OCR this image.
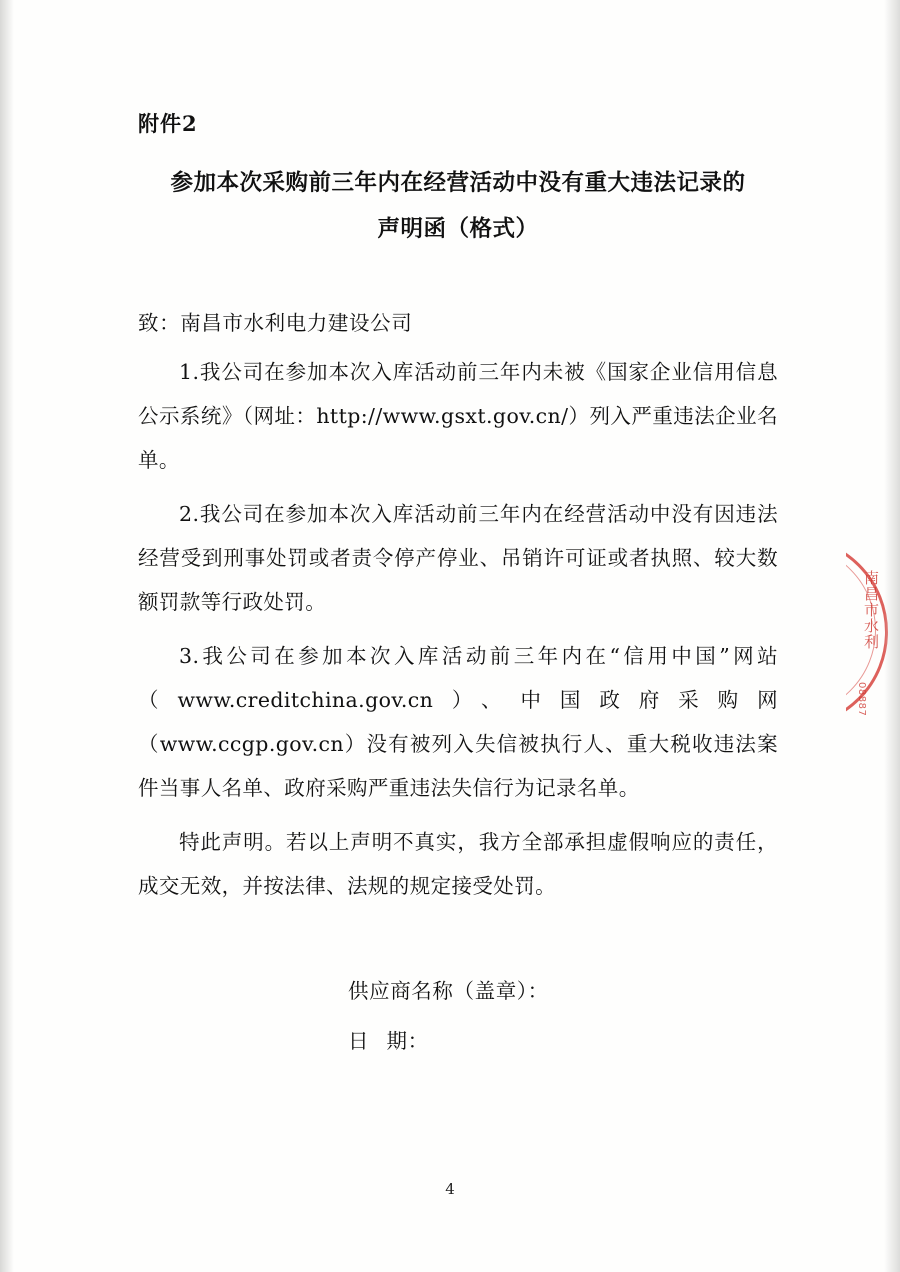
附件2
参加本次采购前三年内在经营活动中没有重大违法记录的
声明函（格式）
致：南昌市水利电力建设公司

1.我公司在参加本次入库活动前三年内未被《国家企业信用信息公示系统》（网址：http://www.gsxt.gov.cn/）列入严重违法企业名单。

2.我公司在参加本次入库活动前三年内在经营活动中没有因违法经营受到刑事处罚或者责令停产停业、吊销许可证或者执照、较大数额罚款等行政处罚。

3.我公司在参加本次入库活动前三年内在“信用中国”网站（www.creditchina.gov.cn）、中国政府采购网（www.ccgp.gov.cn）没有被列入失信被执行人、重大税收违法案件当事人名单、政府采购严重违法失信行为记录名单。

特此声明。若以上声明不真实，我方全部承担虚假响应的责任，成交无效，并按法律、法规的规定接受处罚。

供应商名称（盖章）：
日期：
南昌市水利
08887
4
